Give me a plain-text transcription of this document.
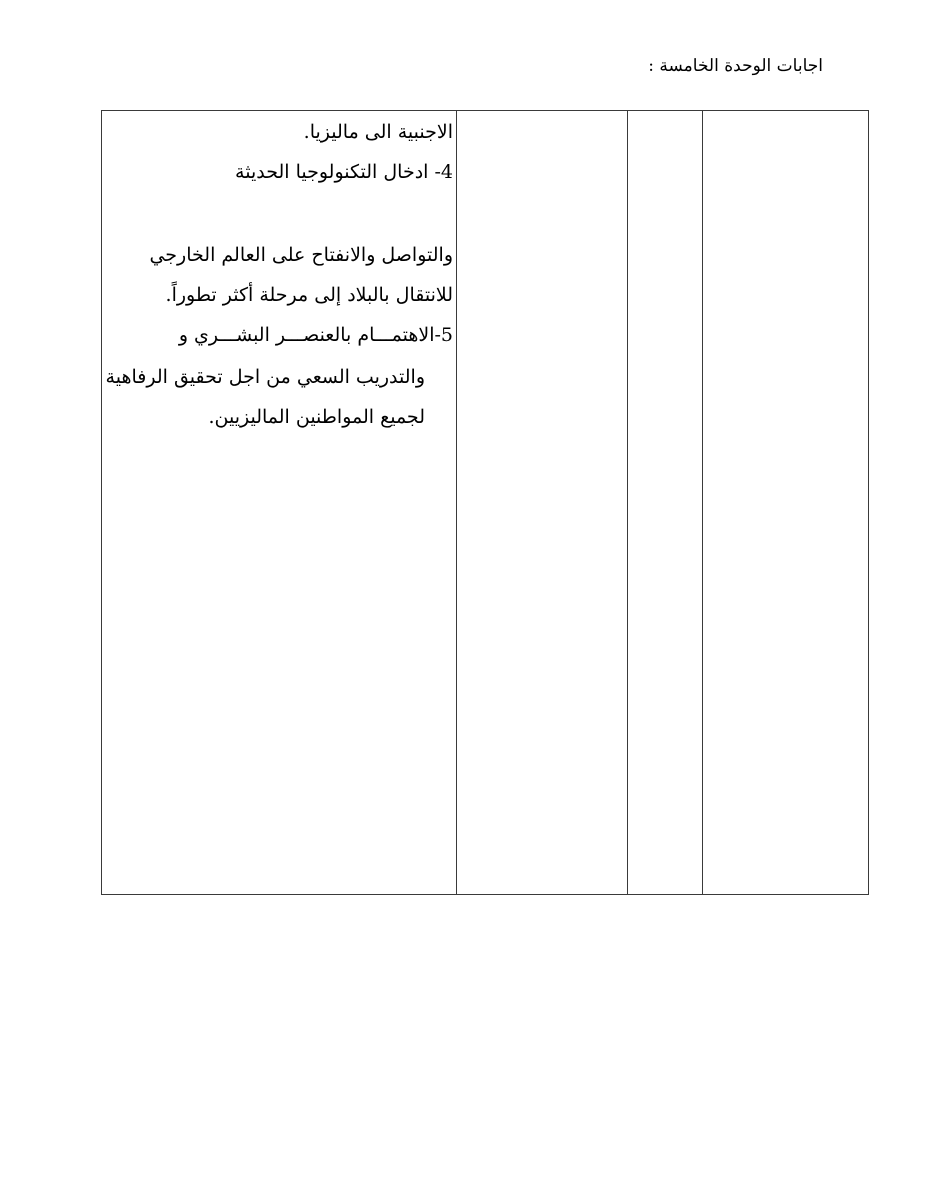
اجابات الوحدة الخامسة :
الاجنبية الى ماليزيا.
4- ادخال التكنولوجيا الحديثة
والتواصل والانفتاح على العالم الخارجي
للانتقال بالبلاد إلى مرحلة أكثر تطوراً.
5-الاهتمـــام بالعنصـــر البشـــري و
والتدريب السعي من اجل تحقيق الرفاهية
لجميع المواطنين الماليزيين.
